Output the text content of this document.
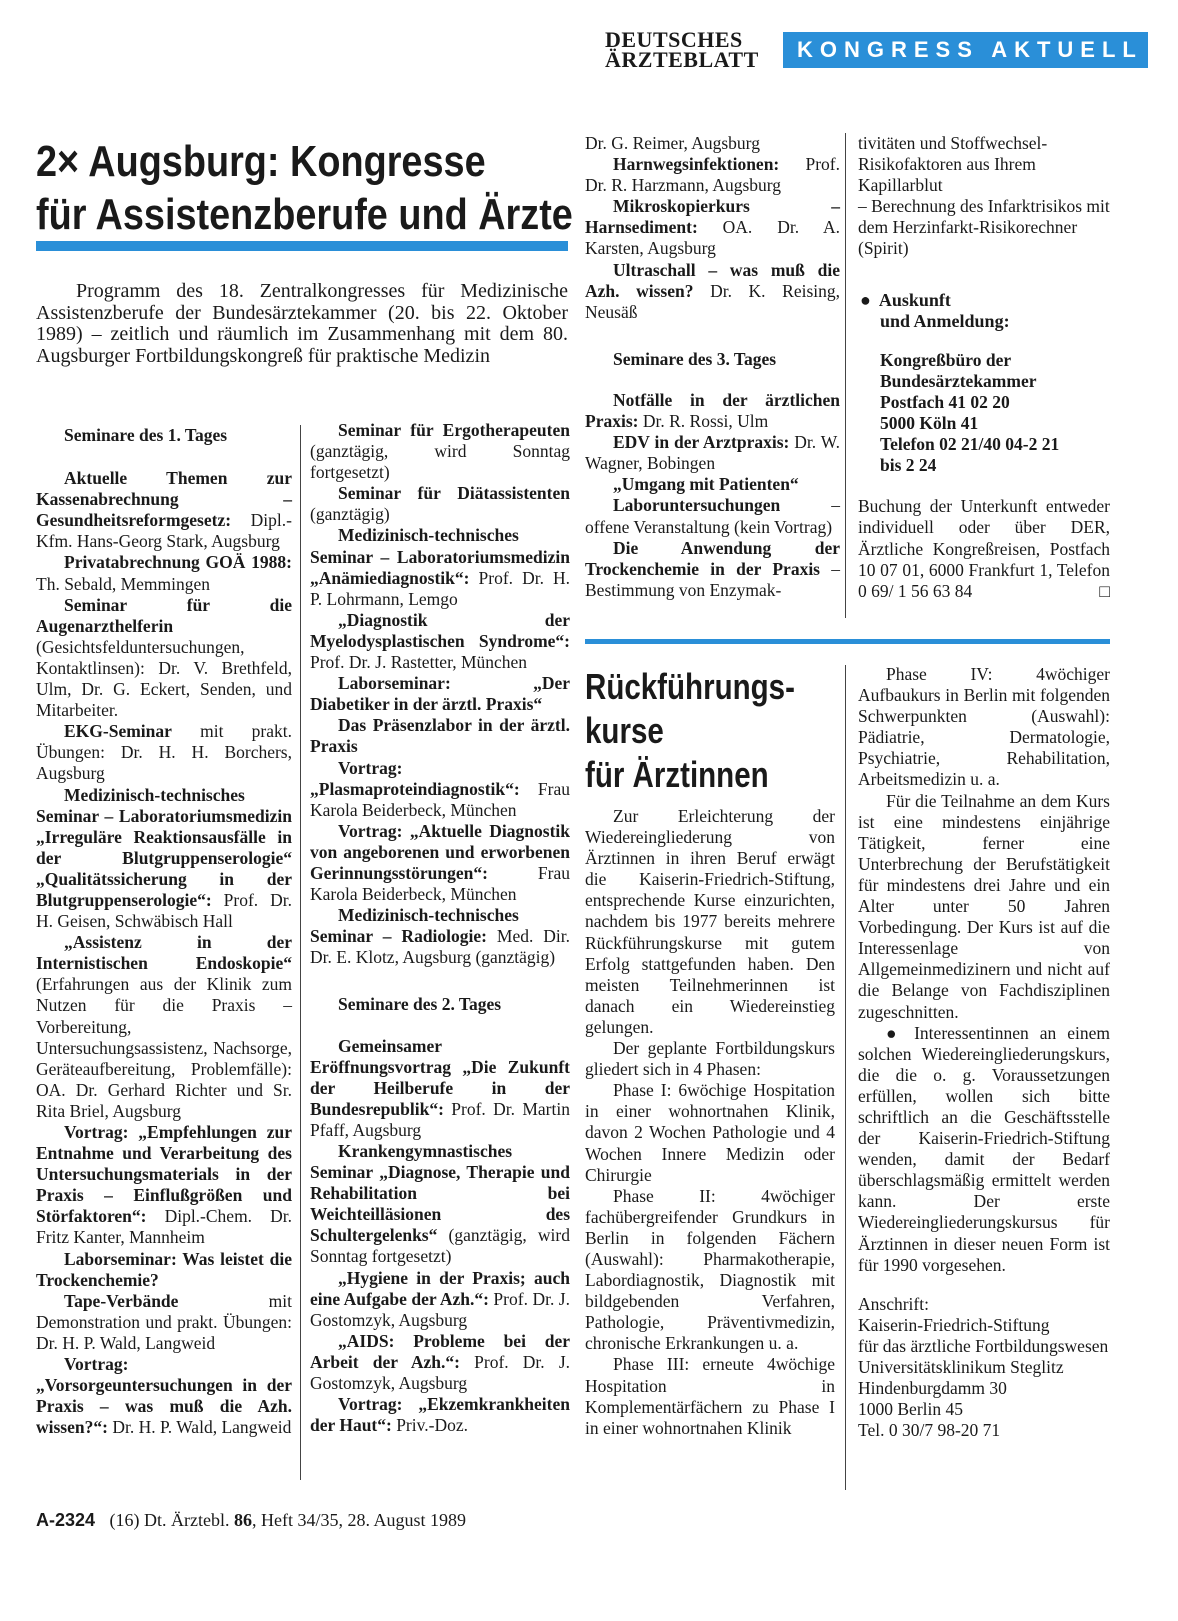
DEUTSCHES
ÄRZTEBLATT	KONGRESS AKTUELL
2× Augsburg: Kongresse
für Assistenzberufe und Ärzte
Programm des 18. Zentralkongresses für Medizinische Assistenzberufe der Bundesärztekammer (20. bis 22. Oktober 1989) – zeitlich und räumlich im Zusammenhang mit dem 80. Augsburger Fortbildungskongreß für praktische Medizin

Seminare des 1. Tages

Aktuelle Themen zur Kassenabrechnung – Gesundheitsreformgesetz: Dipl.-Kfm. Hans-Georg Stark, Augsburg

Privatabrechnung GOÄ 1988: Th. Sebald, Memmingen

Seminar für die Augenarzthelferin (Gesichtsfelduntersuchungen, Kontaktlinsen): Dr. V. Brethfeld, Ulm, Dr. G. Eckert, Senden, und Mitarbeiter.

EKG-Seminar mit prakt. Übungen: Dr. H. H. Borchers, Augsburg

Medizinisch-technisches Seminar – Laboratoriumsmedizin „Irreguläre Reaktionsausfälle in der Blutgruppenserologie“ „Qualitätssicherung in der Blutgruppenserologie“: Prof. Dr. H. Geisen, Schwäbisch Hall

„Assistenz in der Internistischen Endoskopie“ (Erfahrungen aus der Klinik zum Nutzen für die Praxis – Vorbereitung, Untersuchungsassistenz, Nachsorge, Geräteaufbereitung, Problemfälle): OA. Dr. Gerhard Richter und Sr. Rita Briel, Augsburg

Vortrag: „Empfehlungen zur Entnahme und Verarbeitung des Untersuchungsmaterials in der Praxis – Einflußgrößen und Störfaktoren“: Dipl.-Chem. Dr. Fritz Kanter, Mannheim

Laborseminar: Was leistet die Trockenchemie?

Tape-Verbände mit Demonstration und prakt. Übungen: Dr. H. P. Wald, Langweid

Vortrag: „Vorsorgeuntersuchungen in der Praxis – was muß die Azh. wissen?“: Dr. H. P. Wald, Langweid

Seminar für Ergotherapeuten (ganztägig, wird Sonntag fortgesetzt)

Seminar für Diätassistenten (ganztägig)

Medizinisch-technisches Seminar – Laboratoriumsmedizin „Anämiediagnostik“: Prof. Dr. H. P. Lohrmann, Lemgo

„Diagnostik der Myelodysplastischen Syndrome“: Prof. Dr. J. Rastetter, München

Laborseminar: „Der Diabetiker in der ärztl. Praxis“

Das Präsenzlabor in der ärztl. Praxis

Vortrag: „Plasmaproteindiagnostik“: Frau Karola Beiderbeck, München

Vortrag: „Aktuelle Diagnostik von angeborenen und erworbenen Gerinnungsstörungen“: Frau Karola Beiderbeck, München

Medizinisch-technisches Seminar – Radiologie: Med. Dir. Dr. E. Klotz, Augsburg (ganztägig)

Seminare des 2. Tages

Gemeinsamer Eröffnungsvortrag „Die Zukunft der Heilberufe in der Bundesrepublik“: Prof. Dr. Martin Pfaff, Augsburg

Krankengymnastisches Seminar „Diagnose, Therapie und Rehabilitation bei Weichteilläsionen des Schultergelenks“ (ganztägig, wird Sonntag fortgesetzt)

„Hygiene in der Praxis; auch eine Aufgabe der Azh.“: Prof. Dr. J. Gostomzyk, Augsburg

„AIDS: Probleme bei der Arbeit der Azh.“: Prof. Dr. J. Gostomzyk, Augsburg

Vortrag: „Ekzemkrankheiten der Haut“: Priv.-Doz.

Dr. G. Reimer, Augsburg

Harnwegsinfektionen: Prof. Dr. R. Harzmann, Augsburg

Mikroskopierkurs – Harnsediment: OA. Dr. A. Karsten, Augsburg

Ultraschall – was muß die Azh. wissen? Dr. K. Reising, Neusäß

Seminare des 3. Tages

Notfälle in der ärztlichen Praxis: Dr. R. Rossi, Ulm

EDV in der Arztpraxis: Dr. W. Wagner, Bobingen

„Umgang mit Patienten“

Laboruntersuchungen – offene Veranstaltung (kein Vortrag)

Die Anwendung der Trockenchemie in der Praxis – Bestimmung von Enzymak-

tivitäten und Stoffwechsel-Risikofaktoren aus Ihrem Kapillarblut

– Berechnung des Infarktrisikos mit dem Herzinfarkt-Risikorechner (Spirit)

● Auskunft

und Anmeldung:

Kongreßbüro der

Bundesärztekammer

Postfach 41 02 20

5000 Köln 41

Telefon 02 21/40 04-2 21

bis 2 24

Buchung der Unterkunft entweder individuell oder über DER, Ärztliche Kongreßreisen, Postfach 10 07 01, 6000 Frankfurt 1, Telefon 0 69/ 1 56 63 84	□

Rückführungs-
kurse
für Ärztinnen

Zur Erleichterung der Wiedereingliederung von Ärztinnen in ihren Beruf erwägt die Kaiserin-Friedrich-Stiftung, entsprechende Kurse einzurichten, nachdem bis 1977 bereits mehrere Rückführungskurse mit gutem Erfolg stattgefunden haben. Den meisten Teilnehmerinnen ist danach ein Wiedereinstieg gelungen.

Der geplante Fortbildungskurs gliedert sich in 4 Phasen:

Phase I: 6wöchige Hospitation in einer wohnortnahen Klinik, davon 2 Wochen Pathologie und 4 Wochen Innere Medizin oder Chirurgie

Phase II: 4wöchiger fachübergreifender Grundkurs in Berlin in folgenden Fächern (Auswahl): Pharmakotherapie, Labordiagnostik, Diagnostik mit bildgebenden Verfahren, Pathologie, Präventivmedizin, chronische Erkrankungen u. a.

Phase III: erneute 4wöchige Hospitation in Komplementärfächern zu Phase I in einer wohnortnahen Klinik

Phase IV: 4wöchiger Aufbaukurs in Berlin mit folgenden Schwerpunkten (Auswahl): Pädiatrie, Dermatologie, Psychiatrie, Rehabilitation, Arbeitsmedizin u. a.

Für die Teilnahme an dem Kurs ist eine mindestens einjährige Tätigkeit, ferner eine Unterbrechung der Berufstätigkeit für mindestens drei Jahre und ein Alter unter 50 Jahren Vorbedingung. Der Kurs ist auf die Interessenlage von Allgemeinmedizinern und nicht auf die Belange von Fachdisziplinen zugeschnitten.

● Interessentinnen an einem solchen Wiedereingliederungskurs, die die o. g. Voraussetzungen erfüllen, wollen sich bitte schriftlich an die Geschäftsstelle der Kaiserin-Friedrich-Stiftung wenden, damit der Bedarf überschlagsmäßig ermittelt werden kann. Der erste Wiedereingliederungskursus für Ärztinnen in dieser neuen Form ist für 1990 vorgesehen.

Anschrift:

Kaiserin-Friedrich-Stiftung

für das ärztliche Fortbildungswesen

Universitätsklinikum Steglitz

Hindenburgdamm 30

1000 Berlin 45

Tel. 0 30/7 98-20 71

A-2324 (16) Dt. Ärztebl. 86, Heft 34/35, 28. August 1989
